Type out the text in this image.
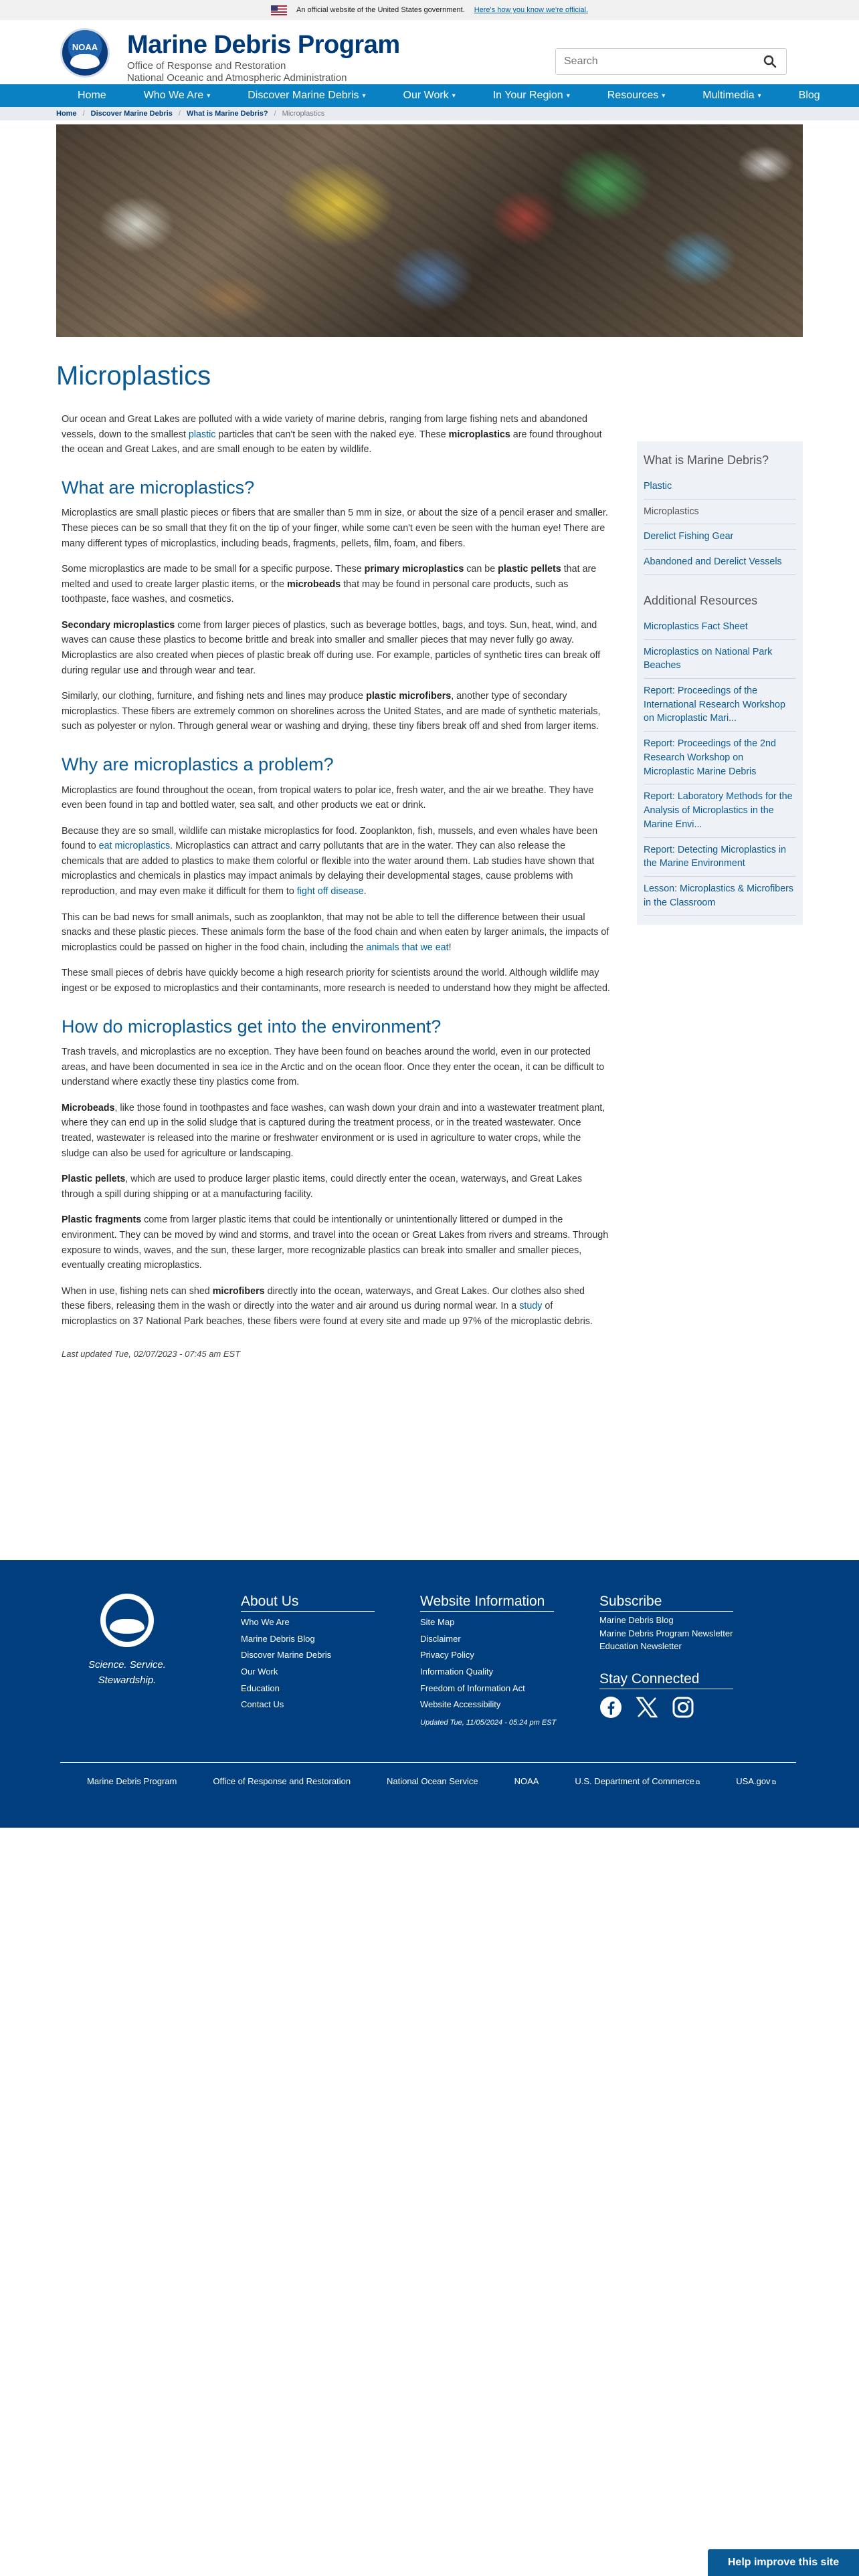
An official website of the United States government. Here's how you know we're official.
NOAA Marine Debris Program
Office of Response and Restoration
National Oceanic and Atmospheric Administration
Search
Home	Who We Are ▾	Discover Marine Debris ▾	Our Work ▾	In Your Region ▾	Resources ▾	Multimedia ▾	Blog
Home / Discover Marine Debris / What is Marine Debris? / Microplastics
Microplastics

Our ocean and Great Lakes are polluted with a wide variety of marine debris, ranging from large fishing nets and abandoned vessels, down to the smallest plastic particles that can't be seen with the naked eye. These microplastics are found throughout the ocean and Great Lakes, and are small enough to be eaten by wildlife.

What are microplastics?

Microplastics are small plastic pieces or fibers that are smaller than 5 mm in size, or about the size of a pencil eraser and smaller. These pieces can be so small that they fit on the tip of your finger, while some can't even be seen with the human eye! There are many different types of microplastics, including beads, fragments, pellets, film, foam, and fibers.

Some microplastics are made to be small for a specific purpose. These primary microplastics can be plastic pellets that are melted and used to create larger plastic items, or the microbeads that may be found in personal care products, such as toothpaste, face washes, and cosmetics.

Secondary microplastics come from larger pieces of plastics, such as beverage bottles, bags, and toys. Sun, heat, wind, and waves can cause these plastics to become brittle and break into smaller and smaller pieces that may never fully go away. Microplastics are also created when pieces of plastic break off during use. For example, particles of synthetic tires can break off during regular use and through wear and tear.

Similarly, our clothing, furniture, and fishing nets and lines may produce plastic microfibers, another type of secondary microplastics. These fibers are extremely common on shorelines across the United States, and are made of synthetic materials, such as polyester or nylon. Through general wear or washing and drying, these tiny fibers break off and shed from larger items.

Why are microplastics a problem?

Microplastics are found throughout the ocean, from tropical waters to polar ice, fresh water, and the air we breathe. They have even been found in tap and bottled water, sea salt, and other products we eat or drink.

Because they are so small, wildlife can mistake microplastics for food. Zooplankton, fish, mussels, and even whales have been found to eat microplastics. Microplastics can attract and carry pollutants that are in the water. They can also release the chemicals that are added to plastics to make them colorful or flexible into the water around them. Lab studies have shown that microplastics and chemicals in plastics may impact animals by delaying their developmental stages, cause problems with reproduction, and may even make it difficult for them to fight off disease.

This can be bad news for small animals, such as zooplankton, that may not be able to tell the difference between their usual snacks and these plastic pieces. These animals form the base of the food chain and when eaten by larger animals, the impacts of microplastics could be passed on higher in the food chain, including the animals that we eat!

These small pieces of debris have quickly become a high research priority for scientists around the world. Although wildlife may ingest or be exposed to microplastics and their contaminants, more research is needed to understand how they might be affected.

How do microplastics get into the environment?

Trash travels, and microplastics are no exception. They have been found on beaches around the world, even in our protected areas, and have been documented in sea ice in the Arctic and on the ocean floor. Once they enter the ocean, it can be difficult to understand where exactly these tiny plastics come from.

Microbeads, like those found in toothpastes and face washes, can wash down your drain and into a wastewater treatment plant, where they can end up in the solid sludge that is captured during the treatment process, or in the treated wastewater. Once treated, wastewater is released into the marine or freshwater environment or is used in agriculture to water crops, while the sludge can also be used for agriculture or landscaping.

Plastic pellets, which are used to produce larger plastic items, could directly enter the ocean, waterways, and Great Lakes through a spill during shipping or at a manufacturing facility.

Plastic fragments come from larger plastic items that could be intentionally or unintentionally littered or dumped in the environment. They can be moved by wind and storms, and travel into the ocean or Great Lakes from rivers and streams. Through exposure to winds, waves, and the sun, these larger, more recognizable plastics can break into smaller and smaller pieces, eventually creating microplastics.

When in use, fishing nets can shed microfibers directly into the ocean, waterways, and Great Lakes. Our clothes also shed these fibers, releasing them in the wash or directly into the water and air around us during normal wear. In a study of microplastics on 37 National Park beaches, these fibers were found at every site and made up 97% of the microplastic debris.

Last updated Tue, 02/07/2023 - 07:45 am EST
What is Marine Debris?
Plastic
Microplastics
Derelict Fishing Gear
Abandoned and Derelict Vessels
Additional Resources
Microplastics Fact Sheet
Microplastics on National Park Beaches
Report: Proceedings of the International Research Workshop on Microplastic Mari...
Report: Proceedings of the 2nd Research Workshop on Microplastic Marine Debris
Report: Laboratory Methods for the Analysis of Microplastics in the Marine Envi...
Report: Detecting Microplastics in the Marine Environment
Lesson: Microplastics & Microfibers in the Classroom
Science. Service. Stewardship.
About Us
Who We Are
Marine Debris Blog
Discover Marine Debris
Our Work
Education
Contact Us
Website Information
Site Map
Disclaimer
Privacy Policy
Information Quality
Freedom of Information Act
Website Accessibility
Updated Tue, 11/05/2024 - 05:24 pm EST
Subscribe
Marine Debris Blog
Marine Debris Program Newsletter
Education Newsletter
Stay Connected
Marine Debris Program	Office of Response and Restoration	National Ocean Service	NOAA	U.S. Department of Commerce ⧉	USA.gov ⧉
Help improve this site
